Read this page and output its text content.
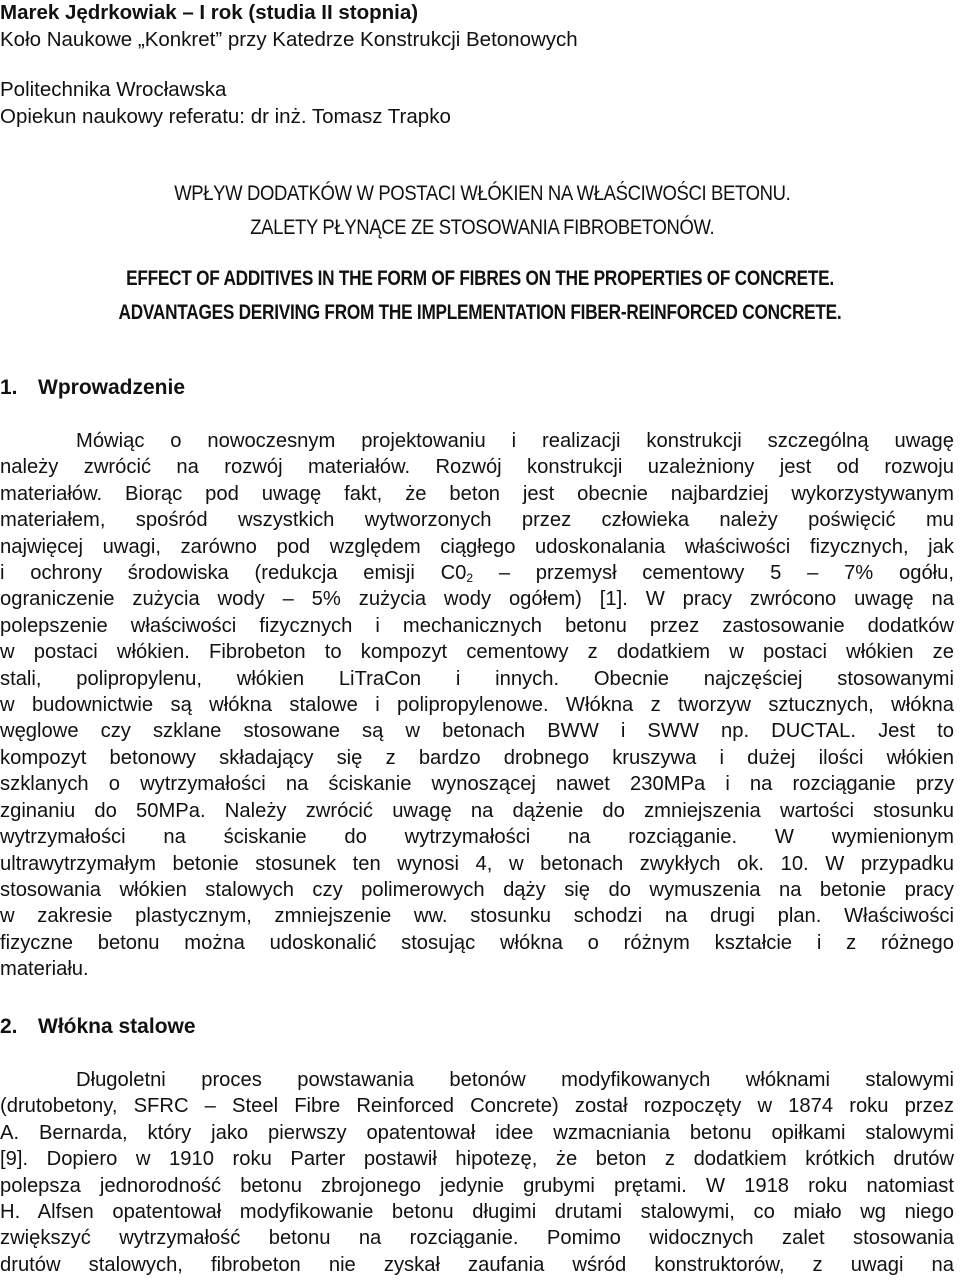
Marek Jędrkowiak – I rok (studia II stopnia)
Koło Naukowe „Konkret” przy Katedrze Konstrukcji Betonowych
Politechnika Wrocławska
Opiekun naukowy referatu: dr inż. Tomasz Trapko
WPŁYW DODATKÓW W POSTACI WŁÓKIEN NA WŁAŚCIWOŚCI BETONU.
ZALETY PŁYNĄCE ZE STOSOWANIA FIBROBETONÓW.
EFFECT OF ADDITIVES IN THE FORM OF FIBRES ON THE PROPERTIES OF CONCRETE.
ADVANTAGES DERIVING FROM THE IMPLEMENTATION FIBER-REINFORCED CONCRETE.
1. Wprowadzenie
Mówiąc o nowoczesnym projektowaniu i realizacji konstrukcji szczególną uwagę
należy zwrócić na rozwój materiałów. Rozwój konstrukcji uzależniony jest od rozwoju
materiałów. Biorąc pod uwagę fakt, że beton jest obecnie najbardziej wykorzystywanym
materiałem, spośród wszystkich wytworzonych przez człowieka należy poświęcić mu
najwięcej uwagi, zarówno pod względem ciągłego udoskonalania właściwości fizycznych, jak
i ochrony środowiska (redukcja emisji $C0_2$ – przemysł cementowy 5 – 7% ogółu,
ograniczenie zużycia wody – 5% zużycia wody ogółem) [1]. W pracy zwrócono uwagę na
polepszenie właściwości fizycznych i mechanicznych betonu przez zastosowanie dodatków
w postaci włókien. Fibrobeton to kompozyt cementowy z dodatkiem w postaci włókien ze
stali, polipropylenu, włókien LiTraCon i innych. Obecnie najczęściej stosowanymi
w budownictwie są włókna stalowe i polipropylenowe. Włókna z tworzyw sztucznych, włókna
węglowe czy szklane stosowane są w betonach BWW i SWW np. DUCTAL. Jest to
kompozyt betonowy składający się z bardzo drobnego kruszywa i dużej ilości włókien
szklanych o wytrzymałości na ściskanie wynoszącej nawet 230MPa i na rozciąganie przy
zginaniu do 50MPa. Należy zwrócić uwagę na dążenie do zmniejszenia wartości stosunku
wytrzymałości na ściskanie do wytrzymałości na rozciąganie. W wymienionym
ultrawytrzymałym betonie stosunek ten wynosi 4, w betonach zwykłych ok. 10. W przypadku
stosowania włókien stalowych czy polimerowych dąży się do wymuszenia na betonie pracy
w zakresie plastycznym, zmniejszenie ww. stosunku schodzi na drugi plan. Właściwości
fizyczne betonu można udoskonalić stosując włókna o różnym kształcie i z różnego
materiału.
2. Włókna stalowe
Długoletni proces powstawania betonów modyfikowanych włóknami stalowymi
(drutobetony, SFRC – Steel Fibre Reinforced Concrete) został rozpoczęty w 1874 roku przez
A. Bernarda, który jako pierwszy opatentował idee wzmacniania betonu opiłkami stalowymi
[9]. Dopiero w 1910 roku Parter postawił hipotezę, że beton z dodatkiem krótkich drutów
polepsza jednorodność betonu zbrojonego jedynie grubymi prętami. W 1918 roku natomiast
H. Alfsen opatentował modyfikowanie betonu długimi drutami stalowymi, co miało wg niego
zwiększyć wytrzymałość betonu na rozciąganie. Pomimo widocznych zalet stosowania
drutów stalowych, fibrobeton nie zyskał zaufania wśród konstruktorów, z uwagi na
